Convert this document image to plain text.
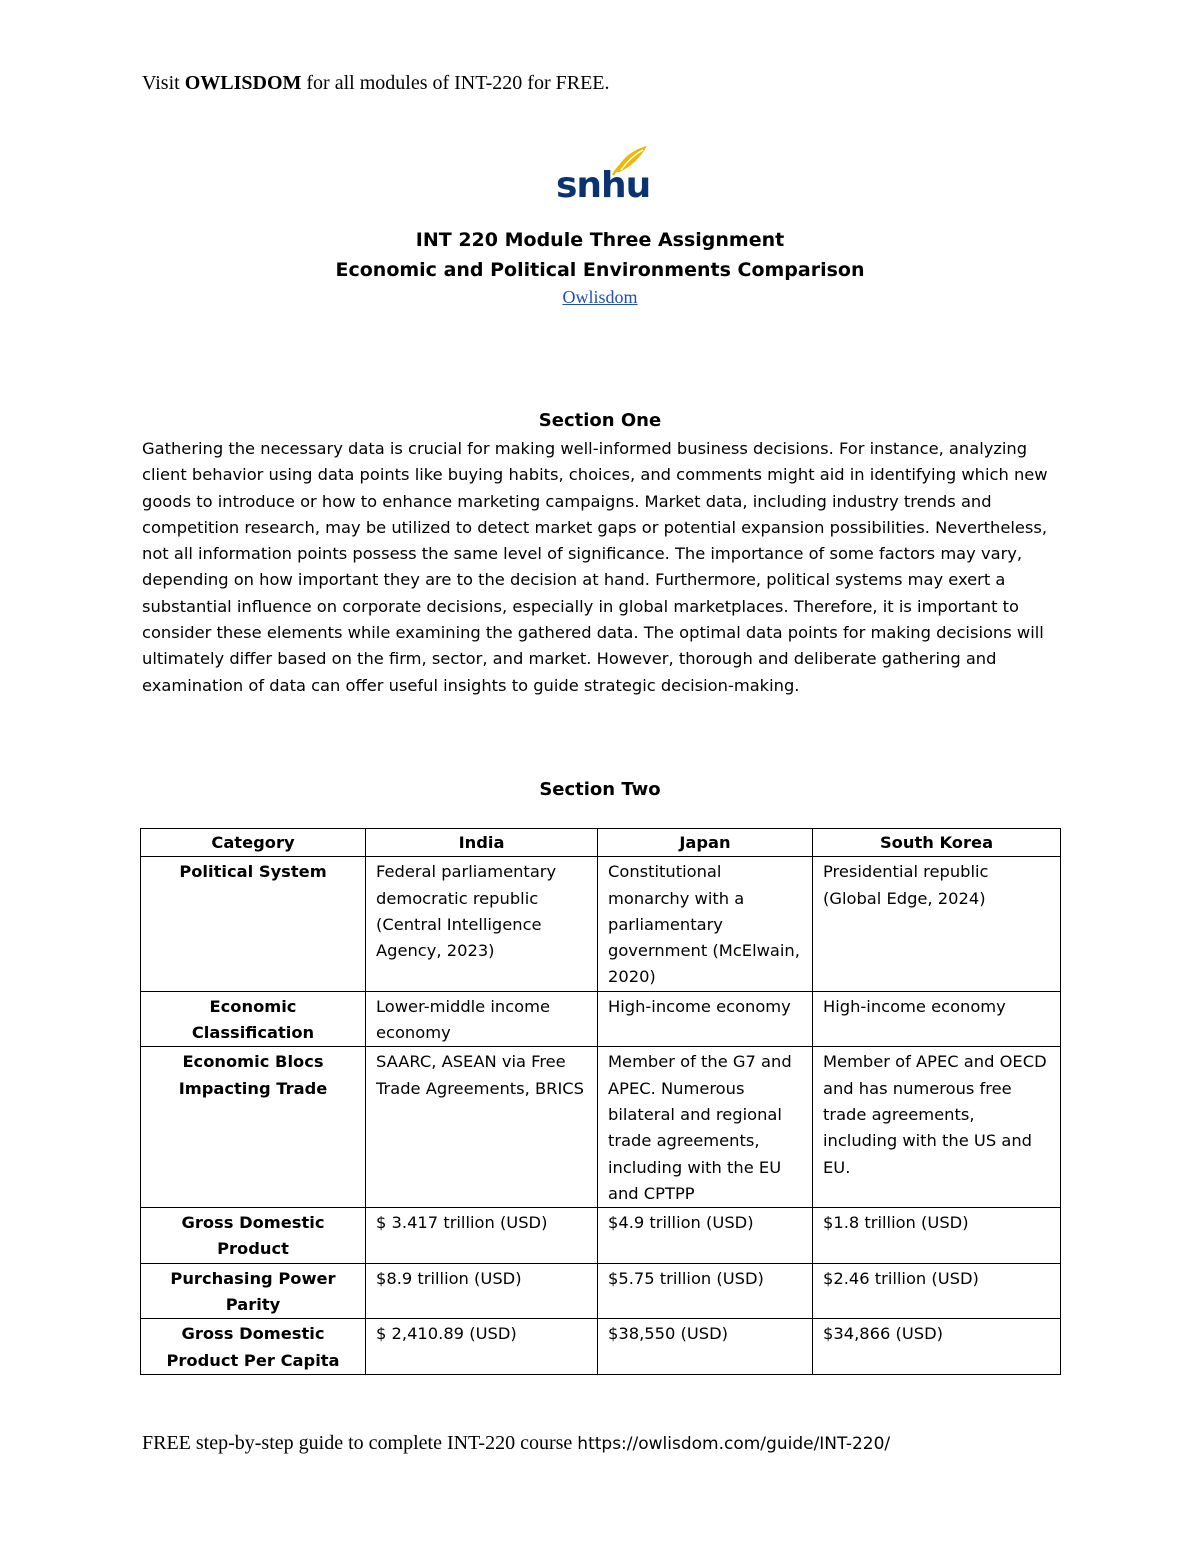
Visit OWLISDOM for all modules of INT-220 for FREE.
snhu
INT 220 Module Three Assignment
Economic and Political Environments Comparison
Owlisdom
Section One

Gathering the necessary data is crucial for making well-informed business decisions. For instance, analyzing client behavior using data points like buying habits, choices, and comments might aid in identifying which new goods to introduce or how to enhance marketing campaigns. Market data, including industry trends and competition research, may be utilized to detect market gaps or potential expansion possibilities. Nevertheless, not all information points possess the same level of significance. The importance of some factors may vary, depending on how important they are to the decision at hand. Furthermore, political systems may exert a substantial influence on corporate decisions, especially in global marketplaces. Therefore, it is important to consider these elements while examining the gathered data. The optimal data points for making decisions will ultimately differ based on the firm, sector, and market. However, thorough and deliberate gathering and examination of data can offer useful insights to guide strategic decision-making.

Section Two
Category	India	Japan	South Korea
Political System	Federal parliamentary democratic republic (Central Intelligence Agency, 2023)	Constitutional monarchy with a parliamentary government (McElwain, 2020)	Presidential republic (Global Edge, 2024)
Economic Classification	Lower-middle income economy	High-income economy	High-income economy
Economic Blocs Impacting Trade	SAARC, ASEAN via Free Trade Agreements, BRICS	Member of the G7 and APEC. Numerous bilateral and regional trade agreements, including with the EU and CPTPP	Member of APEC and OECD and has numerous free trade agreements, including with the US and EU.
Gross Domestic Product	$ 3.417 trillion (USD)	$4.9 trillion (USD)	$1.8 trillion (USD)
Purchasing Power Parity	$8.9 trillion (USD)	$5.75 trillion (USD)	$2.46 trillion (USD)
Gross Domestic Product Per Capita	$ 2,410.89 (USD)	$38,550 (USD)	$34,866 (USD)
FREE step-by-step guide to complete INT-220 course https://owlisdom.com/guide/INT-220/
